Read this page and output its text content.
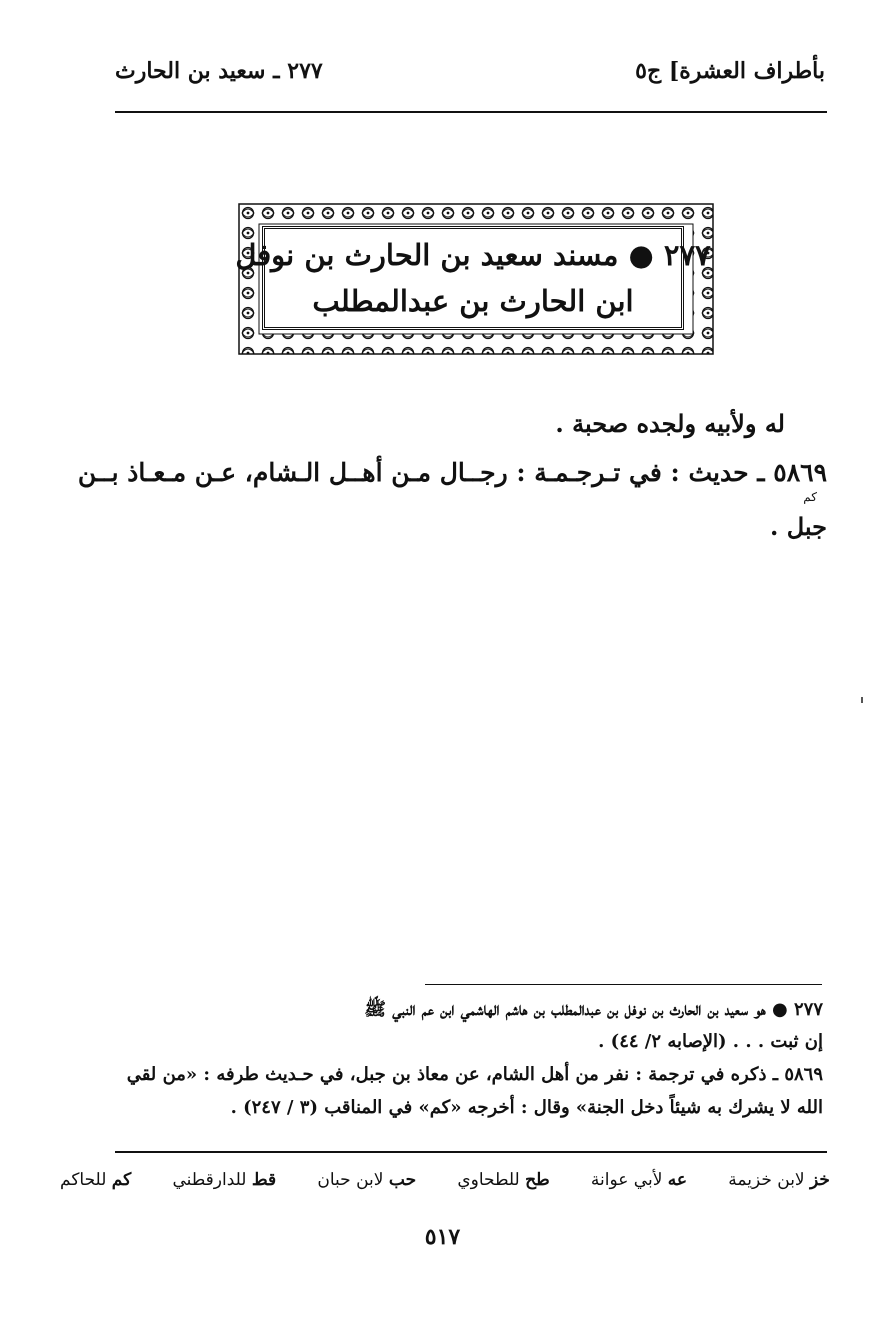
بأطراف العشرة] ج٥
٢٧٧ ـ سعيد بن الحارث
٢٧٧ ● مسند سعيد بن الحارث بن نوفل
ابن الحارث بن عبدالمطلب
له ولأبيه ولجده صحبة .
٥٨٦٩ ـ حديث : في تـرجـمـة : رجــال مـن أهــل الـشام، عـن مـعـاذ بــن
كم
جبل .
٢٧٧ ● هو سعيد بن الحارث بن نوفل بن عبدالمطلب بن هاشم الهاشمي ابن عم النبي ﷺ
إن ثبت . . . (الإصابه ٢/ ٤٤) .
٥٨٦٩ ـ ذكره في ترجمة : نفر من أهل الشام، عن معاذ بن جبل، في حـديث طرفه : «من لقي
الله لا يشرك به شيئاً دخل الجنة» وقال : أخرجه «كم» في المناقب (٣ / ٢٤٧) .
خز لابن خزيمة
عه لأبي عوانة
طح للطحاوي
حب لابن حبان
قط للدارقطني
كم للحاكم
٥١٧
